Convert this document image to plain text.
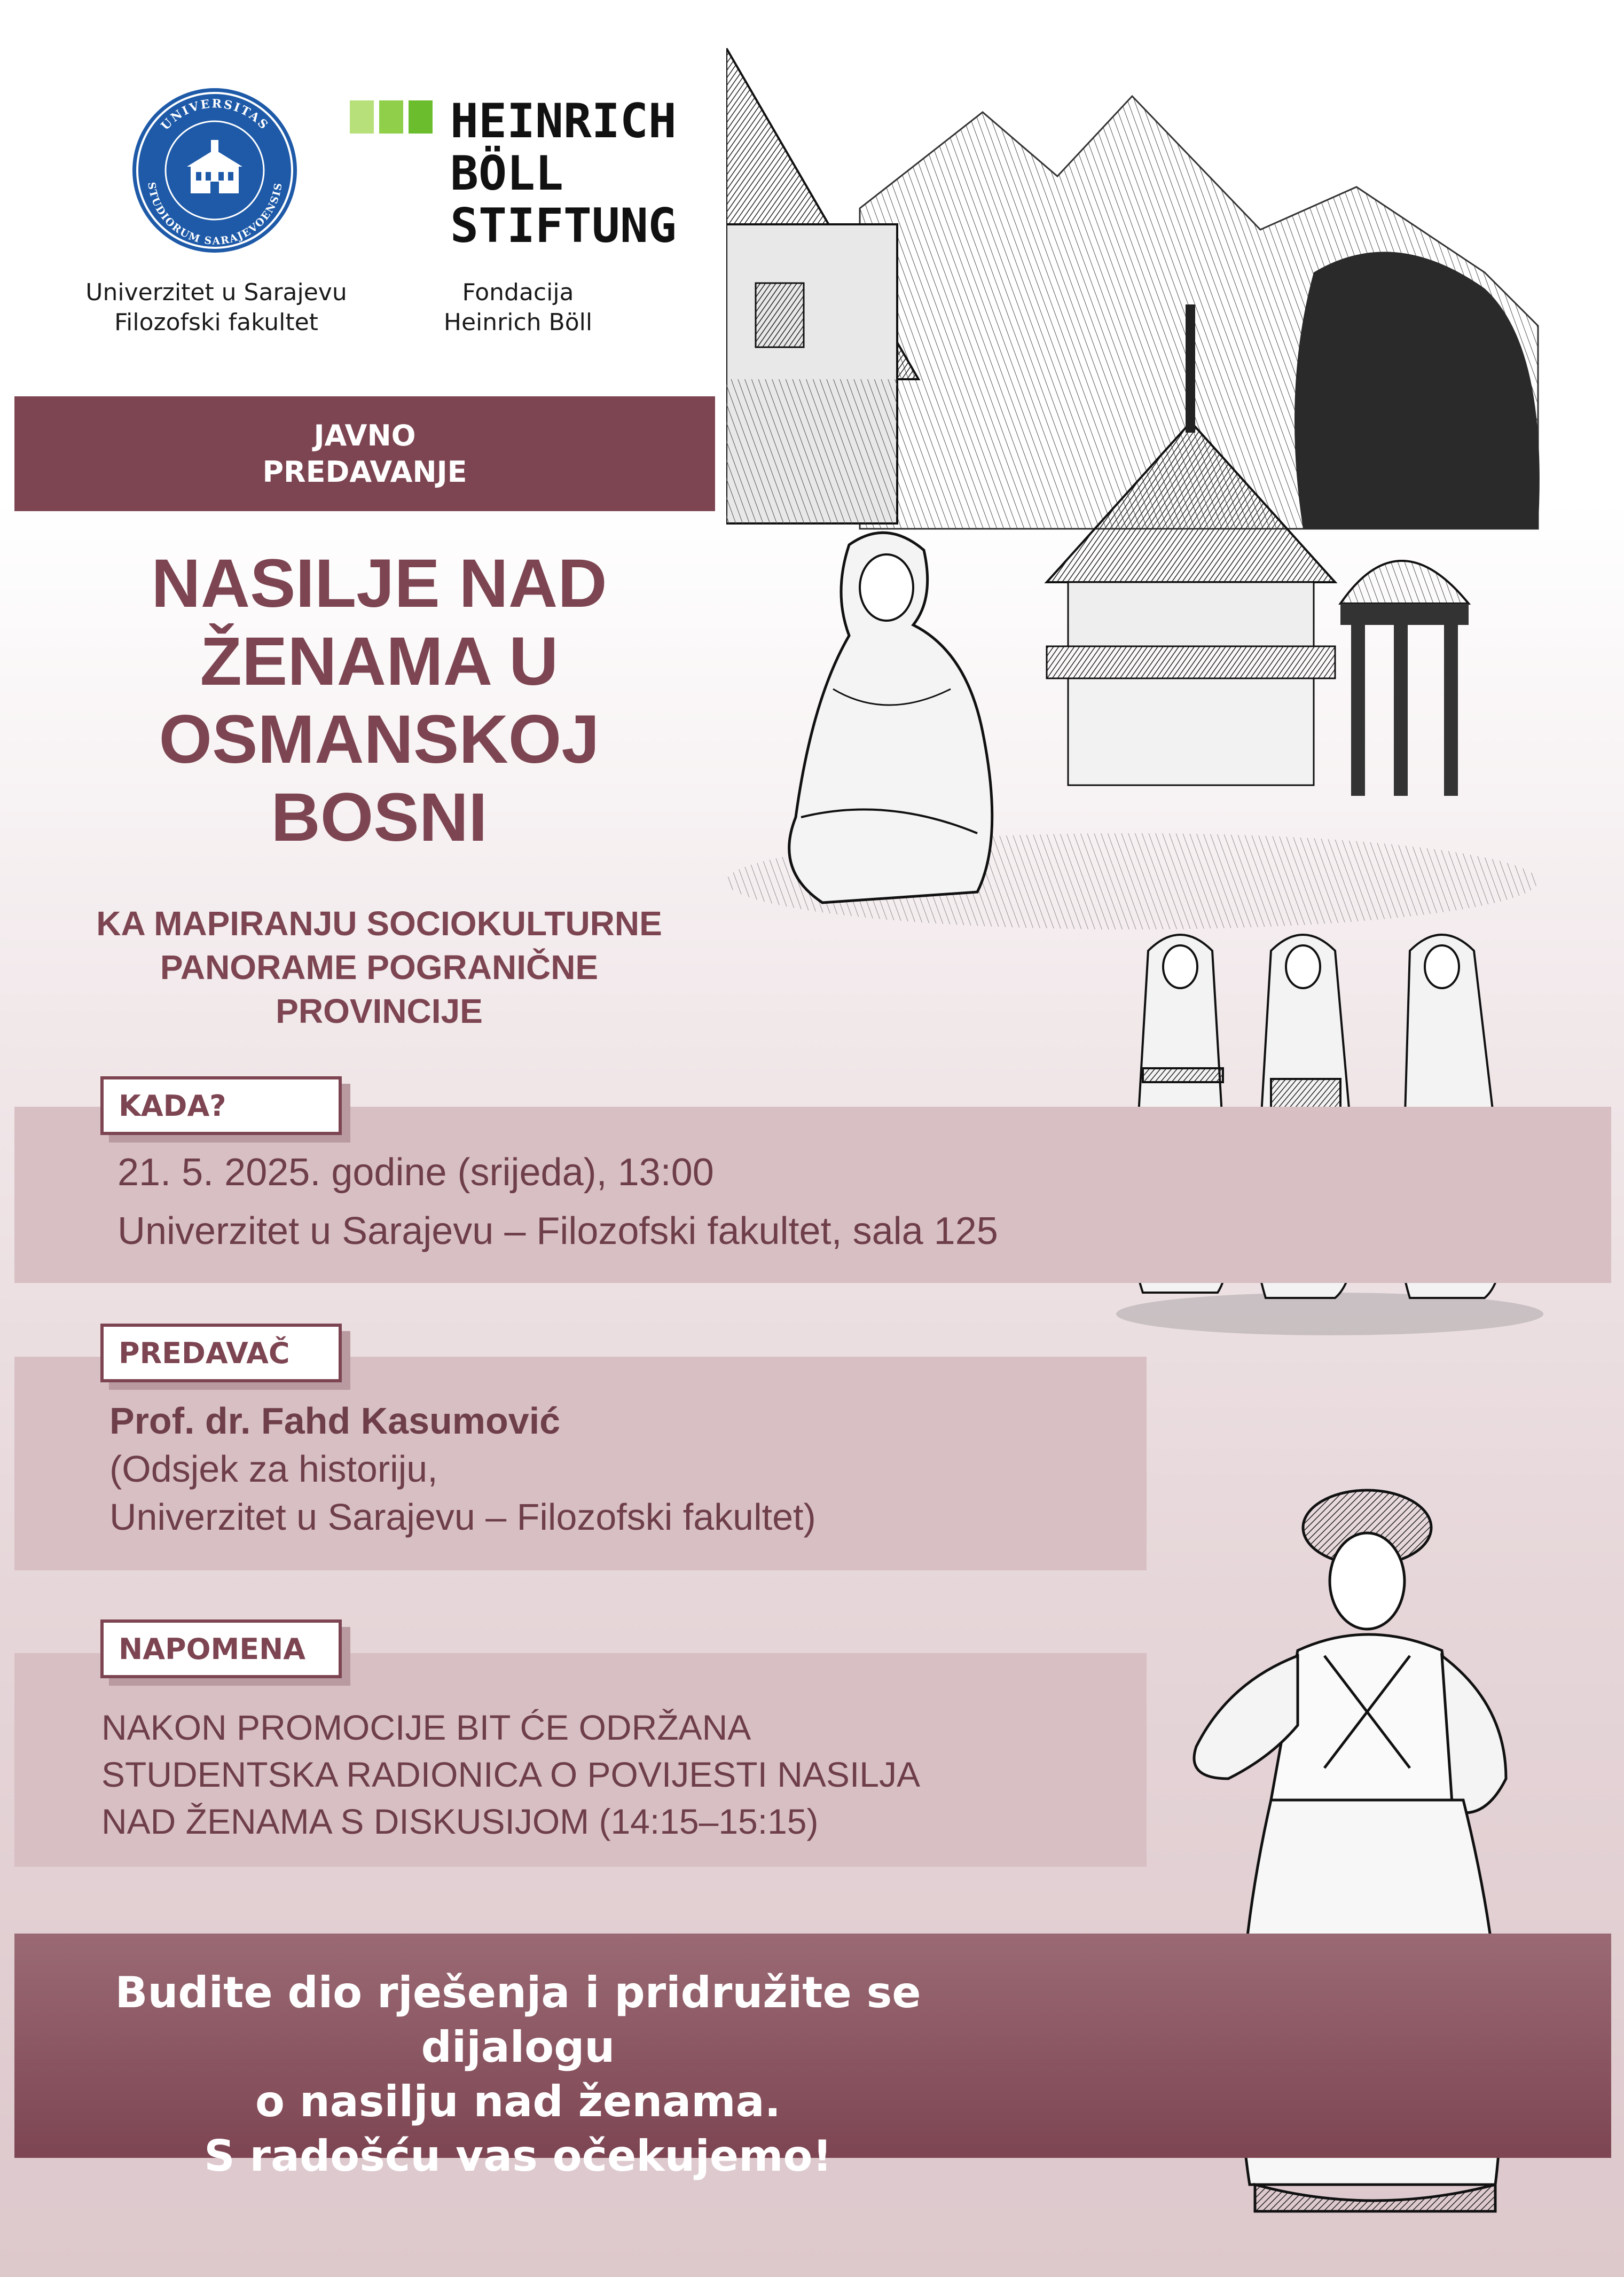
UNIVERSITAS
STUDIORUM SARAJEVOENSIS
Univerzitet u Sarajevu
Filozofski fakultet
HEINRICH
BÖLL
STIFTUNG
Fondacija
Heinrich Böll
JAVNO
PREDAVANJE
NASILJE NAD
ŽENAMA U
OSMANSKOJ
BOSNI
KA MAPIRANJU SOCIOKULTURNE
PANORAME POGRANIČNE
PROVINCIJE
KADA?
21. 5. 2025. godine (srijeda), 13:00
Univerzitet u Sarajevu – Filozofski fakultet, sala 125
PREDAVAČ
Prof. dr. Fahd Kasumović
(Odsjek za historiju,
Univerzitet u Sarajevu – Filozofski fakultet)
NAPOMENA
NAKON PROMOCIJE BIT ĆE ODRŽANA
STUDENTSKA RADIONICA O POVIJESTI NASILJA
NAD ŽENAMA S DISKUSIJOM (14:15–15:15)
Budite dio rješenja i pridružite se dijalogu
o nasilju nad ženama.
S radošću vas očekujemo!
